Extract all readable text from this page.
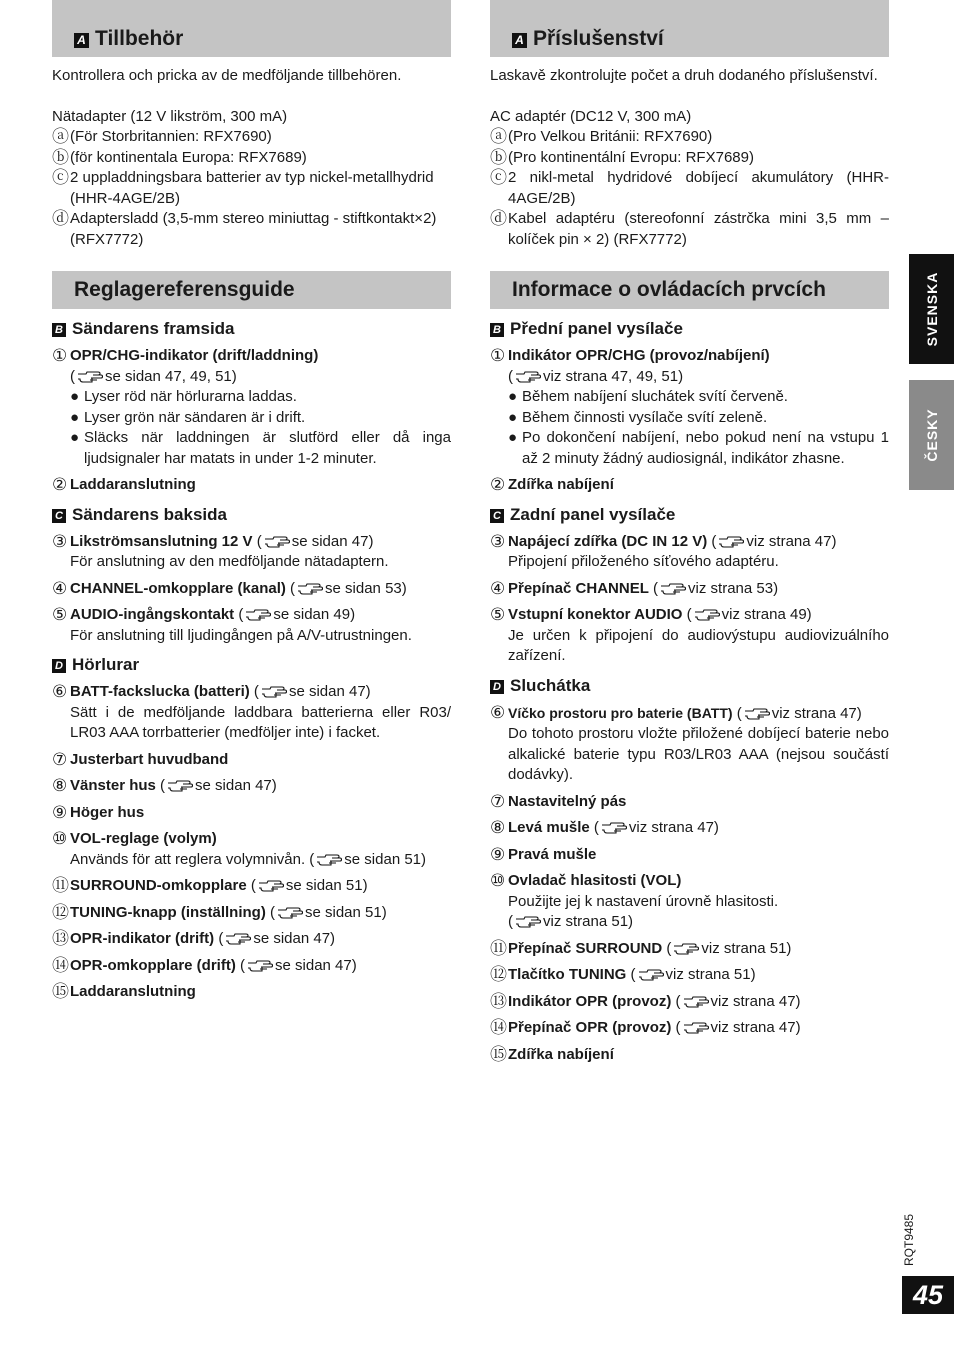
A Tillbehör

Kontrollera och pricka av de medföljande tillbehören.

Nätadapter (12 V likström, 300 mA)

ⓐ (För Storbritannien: RFX7690)
ⓑ (för kontinentala Europa: RFX7689)
ⓒ 2 uppladdningsbara batterier av typ nickel-metallhydrid (HHR-4AGE/2B)
ⓓ Adaptersladd (3,5-mm stereo miniuttag - stiftkontakt×2) (RFX7772)
Reglagereferensguide
B Sändarens framsida
① OPR/CHG-indikator (drift/laddning)
( se sidan 47, 49, 51)
● Lyser röd när hörlurarna laddas.
● Lyser grön när sändaren är i drift.
● Släcks när laddningen är slutförd eller då inga ljudsignaler har matats in under 1-2 minuter.
② Laddaranslutning
C Sändarens baksida
③ Likströmsanslutning 12 V ( se sidan 47)
För anslutning av den medföljande nätadaptern.
④ CHANNEL-omkopplare (kanal) ( se sidan 53)
⑤ AUDIO-ingångskontakt ( se sidan 49)
För anslutning till ljudingången på A/V-utrustningen.
D Hörlurar
⑥ BATT-fackslucka (batteri) ( se sidan 47)
Sätt i de medföljande laddbara batterierna eller R03/ LR03 AAA torrbatterier (medföljer inte) i facket.
⑦ Justerbart huvudband
⑧ Vänster hus ( se sidan 47)
⑨ Höger hus
⑩ VOL-reglage (volym)
Används för att reglera volymnivån. ( se sidan 51)
⑪ SURROUND-omkopplare ( se sidan 51)
⑫ TUNING-knapp (inställning) ( se sidan 51)
⑬ OPR-indikator (drift) ( se sidan 47)
⑭ OPR-omkopplare (drift) ( se sidan 47)
⑮ Laddaranslutning
A Příslušenství

Laskavě zkontrolujte počet a druh dodaného příslušenství.

AC adaptér (DC12 V, 300 mA)

ⓐ (Pro Velkou Británii: RFX7690)
ⓑ (Pro kontinentální Evropu: RFX7689)
ⓒ 2 nikl-metal hydridové dobíjecí akumulátory (HHR-4AGE/2B)
ⓓ Kabel adaptéru (stereofonní zástrčka mini 3,5 mm – kolíček pin × 2) (RFX7772)
Informace o ovládacích prvcích
B Přední panel vysílače
① Indikátor OPR/CHG (provoz/nabíjení)
( viz strana 47, 49, 51)
● Během nabíjení sluchátek svítí červeně.
● Během činnosti vysílače svítí zeleně.
● Po dokončení nabíjení, nebo pokud není na vstupu 1 až 2 minuty žádný audiosignál, indikátor zhasne.
② Zdířka nabíjení
C Zadní panel vysílače
③ Napájecí zdířka (DC IN 12 V) ( viz strana 47)
Připojení přiloženého síťového adaptéru.
④ Přepínač CHANNEL ( viz strana 53)
⑤ Vstupní konektor AUDIO ( viz strana 49)
Je určen k připojení do audiovýstupu audiovizuálního zařízení.
D Sluchátka
⑥ Víčko prostoru pro baterie (BATT) ( viz strana 47)
Do tohoto prostoru vložte přiložené dobíjecí baterie nebo alkalické baterie typu R03/LR03 AAA (nejsou součástí dodávky).
⑦ Nastavitelný pás
⑧ Levá mušle ( viz strana 47)
⑨ Pravá mušle
⑩ Ovladač hlasitosti (VOL)
Použijte jej k nastavení úrovně hlasitosti.
( viz strana 51)
⑪ Přepínač SURROUND ( viz strana 51)
⑫ Tlačítko TUNING ( viz strana 51)
⑬ Indikátor OPR (provoz) ( viz strana 47)
⑭ Přepínač OPR (provoz) ( viz strana 47)
⑮ Zdířka nabíjení
SVENSKA
ČESKY
RQT9485
45
